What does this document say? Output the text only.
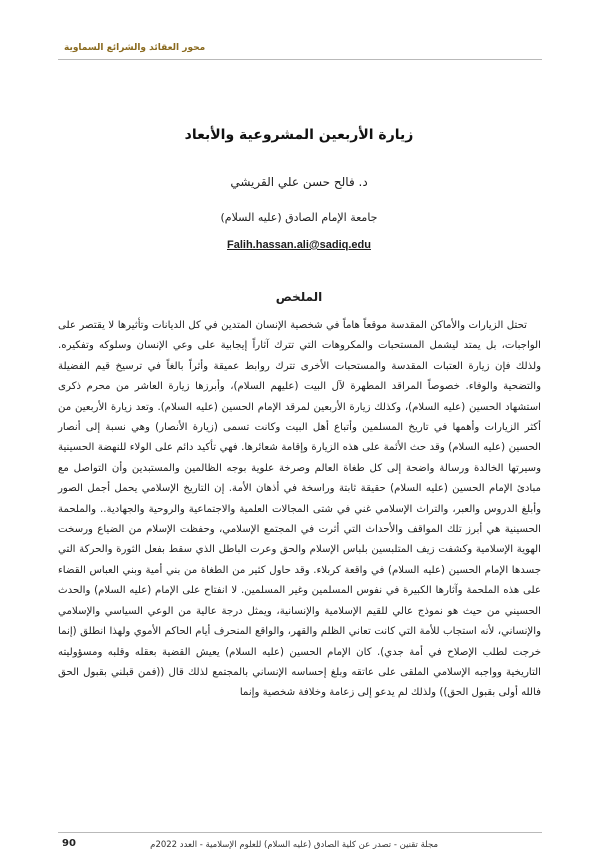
محور العقائد والشرائع السماوية
زيارة الأربعين المشروعية والأبعاد
د. فالح حسن علي القريشي
جامعة الإمام الصادق (عليه السلام)
Falih.hassan.ali@sadiq.edu
الملخص

تحتل الزيارات والأماكن المقدسة موقعاً هاماً في شخصية الإنسان المتدين في كل الديانات وتأثيرها لا يقتصر على الواجبات، بل يمتد ليشمل المستحبات والمكروهات التي تترك آثاراً إيجابية على وعي الإنسان وسلوكه وتفكيره. ولذلك فإن زيارة العتبات المقدسة والمستحبات الأخرى تترك روابط عميقة وأثراً بالغاً في ترسيخ قيم الفضيلة والتضحية والوفاء. خصوصاً المراقد المطهرة لآل البيت (عليهم السلام)، وأبرزها زيارة العاشر من محرم ذكرى استشهاد الحسين (عليه السلام)، وكذلك زيارة الأربعين لمرقد الإمام الحسين (عليه السلام). وتعد زيارة الأربعين من أكثر الزيارات وأهمها في تاريخ المسلمين وأتباع أهل البيت وكانت تسمى (زيارة الأنصار) وهي نسبة إلى أنصار الحسين (عليه السلام) وقد حث الأئمة على هذه الزيارة وإقامة شعائرها. فهي تأكيد دائم على الولاء للنهضة الحسينية وسيرتها الخالدة ورسالة واضحة إلى كل طغاة العالم وصرخة علوية بوجه الظالمين والمستبدين وأن التواصل مع مبادئ الإمام الحسين (عليه السلام) حقيقة ثابتة وراسخة في أذهان الأمة. إن التاريخ الإسلامي يحمل أجمل الصور وأبلغ الدروس والعبر، والتراث الإسلامي غني في شتى المجالات العلمية والاجتماعية والروحية والجهادية.. والملحمة الحسينية هي أبرز تلك المواقف والأحداث التي أثرت في المجتمع الإسلامي، وحفظت الإسلام من الضياع ورسخت الهوية الإسلامية وكشفت زيف المتلبسين بلباس الإسلام والحق وعرت الباطل الذي سقط بفعل الثورة والحركة التي جسدها الإمام الحسين (عليه السلام) في واقعة كربلاء. وقد حاول كثير من الطغاة من بني أمية وبني العباس القضاء على هذه الملحمة وآثارها الكبيرة في نفوس المسلمين وغير المسلمين. لا انفتاح على الإمام (عليه السلام) والحدث الحسيني من حيث هو نموذج عالي للقيم الإسلامية والإنسانية، ويمثل درجة عالية من الوعي السياسي والإسلامي والإنساني، لأنه استجاب للأمة التي كانت تعاني الظلم والقهر، والواقع المنحرف أيام الحاكم الأموي ولهذا انطلق (إنما خرجت لطلب الإصلاح في أمة جدي). كان الإمام الحسين (عليه السلام) يعيش القضية بعقله وقلبه ومسؤوليته التاريخية وواجبه الإسلامي الملقى على عاتقه وبلغ إحساسه الإنساني بالمجتمع لذلك قال ((فمن قبلني بقبول الحق فالله أولى بقبول الحق)) ولذلك لم يدعو إلى زعامة وخلافة شخصية وإنما

مجلة تقنين - تصدر عن كلية الصادق (عليه السلام) للعلوم الإسلامية - العدد 2022م
90
